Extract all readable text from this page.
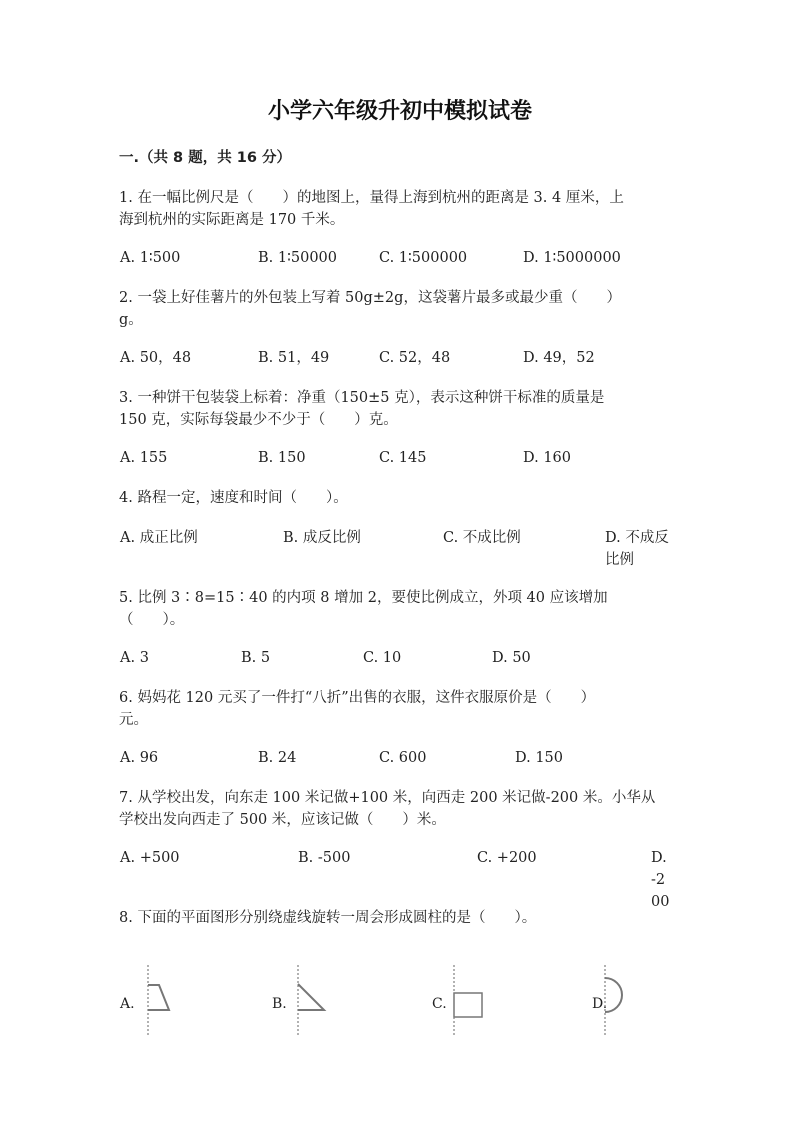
小学六年级升初中模拟试卷
一.（共 8 题，共 16 分）
1. 在一幅比例尺是（　　）的地图上，量得上海到杭州的距离是 3. 4 厘米，上
海到杭州的实际距离是 170 千米。
A. 1∶500	B. 1∶50000	C. 1∶500000	D. 1∶5000000
2. 一袋上好佳薯片的外包装上写着 50g±2g，这袋薯片最多或最少重（　　）
g。
A. 50，48	B. 51，49	C. 52，48	D. 49，52
3. 一种饼干包装袋上标着：净重（150±5 克），表示这种饼干标准的质量是
150 克，实际每袋最少不少于（　　）克。
A. 155	B. 150	C. 145	D. 160
4. 路程一定，速度和时间（　　）。
A. 成正比例	B. 成反比例	C. 不成比例	D. 不成反比例
5. 比例 3∶8=15∶40 的内项 8 增加 2，要使比例成立，外项 40 应该增加
（　　）。
A. 3	B. 5	C. 10	D. 50
6. 妈妈花 120 元买了一件打“八折”出售的衣服，这件衣服原价是（　　）
元。
A. 96	B. 24	C. 600	D. 150
7. 从学校出发，向东走 100 米记做+100 米，向西走 200 米记做-200 米。小华从
学校出发向西走了 500 米，应该记做（　　）米。
A. +500	B. -500	C. +200	D. -200
8. 下面的平面图形分别绕虚线旋转一周会形成圆柱的是（　　）。
A.	B.	C.	D.
